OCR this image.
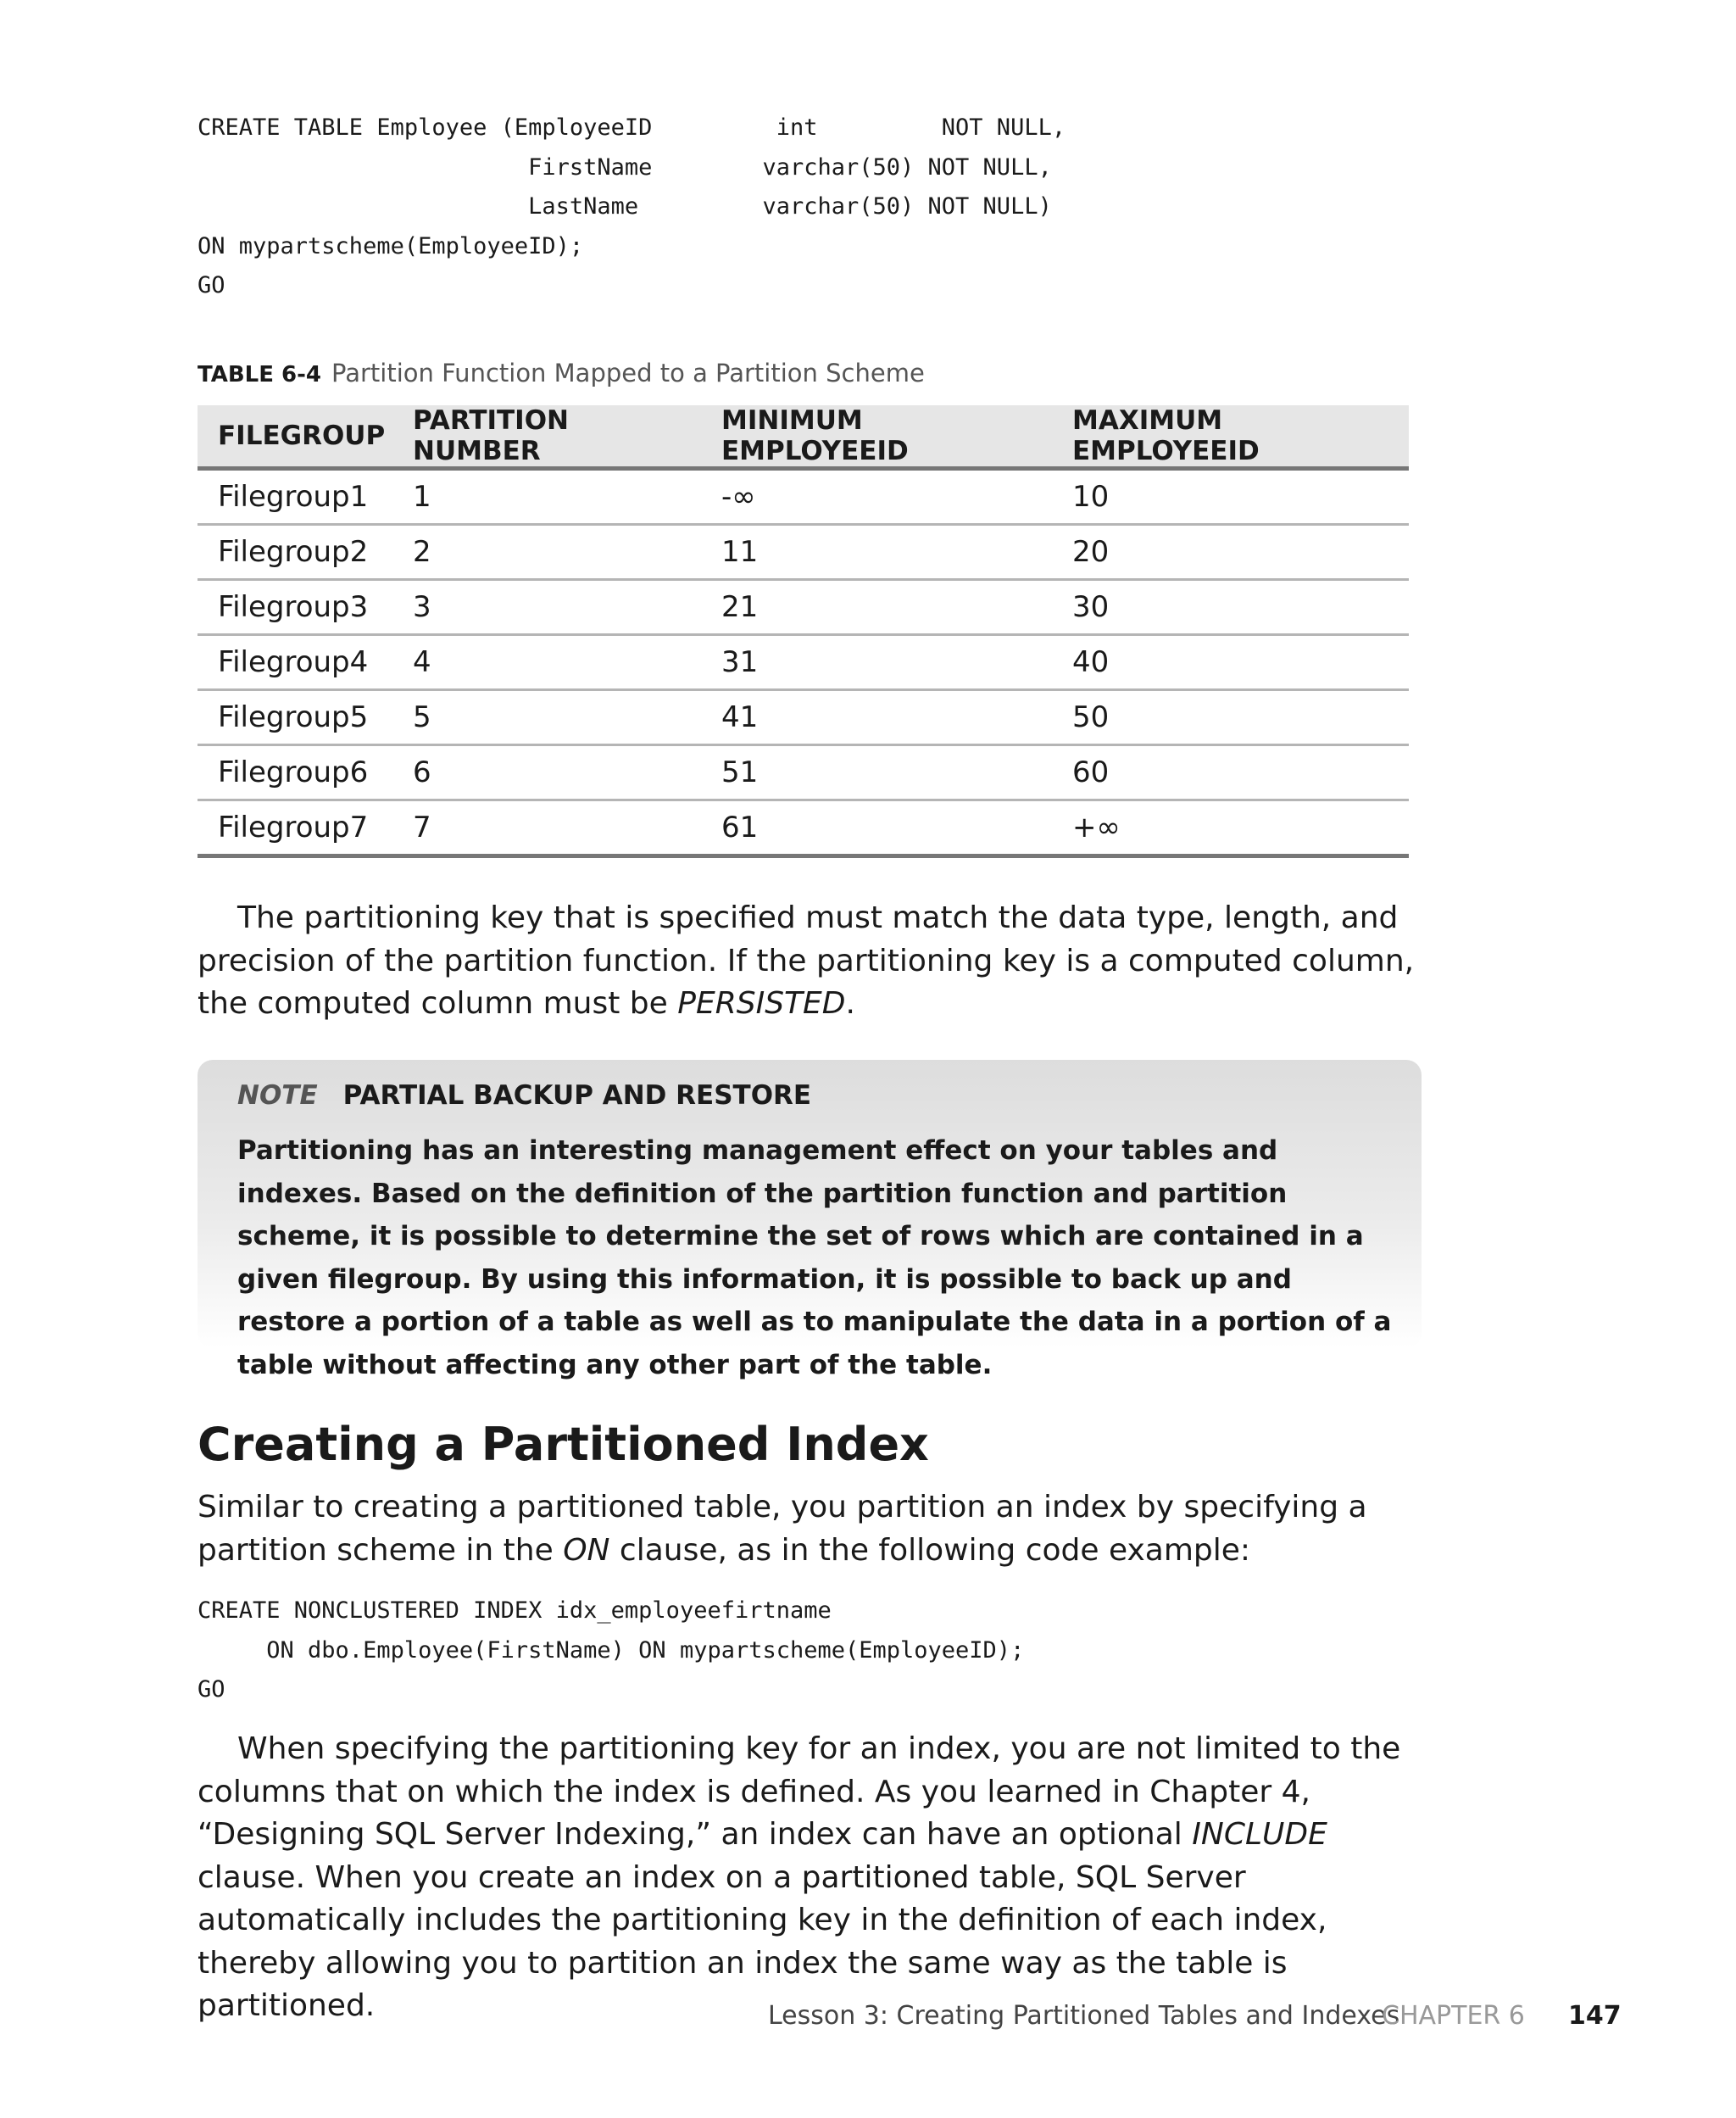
CREATE TABLE Employee (EmployeeID         int         NOT NULL,
FirstName        varchar(50) NOT NULL,
LastName         varchar(50) NOT NULL)
ON mypartscheme(EmployeeID);
GO
TABLE 6-4 Partition Function Mapped to a Partition Scheme
FILEGROUP	PARTITION NUMBER	MINIMUM EMPLOYEEID	MAXIMUM EMPLOYEEID
Filegroup1	1	-∞	10
Filegroup2	2	11	20
Filegroup3	3	21	30
Filegroup4	4	31	40
Filegroup5	5	41	50
Filegroup6	6	51	60
Filegroup7	7	61	+∞

The partitioning key that is specified must match the data type, length, and precision of the partition function. If the partitioning key is a computed column, the computed column must be PERSISTED.

NOTE PARTIAL BACKUP AND RESTORE

Partitioning has an interesting management effect on your tables and indexes. Based on the definition of the partition function and partition scheme, it is possible to determine the set of rows which are contained in a given filegroup. By using this information, it is possible to back up and restore a portion of a table as well as to manipulate the data in a portion of a table without affecting any other part of the table.

Creating a Partitioned Index

Similar to creating a partitioned table, you partition an index by specifying a partition scheme in the ON clause, as in the following code example:

CREATE NONCLUSTERED INDEX idx_employeefirtname
ON dbo.Employee(FirstName) ON mypartscheme(EmployeeID);
GO

When specifying the partitioning key for an index, you are not limited to the columns that on which the index is defined. As you learned in Chapter 4, “Designing SQL Server Indexing,” an index can have an optional INCLUDE clause. When you create an index on a partitioned table, SQL Server automatically includes the partitioning key in the definition of each index, thereby allowing you to partition an index the same way as the table is partitioned.	Lesson 3: Creating Partitioned Tables and Indexes
CHAPTER 6 147
